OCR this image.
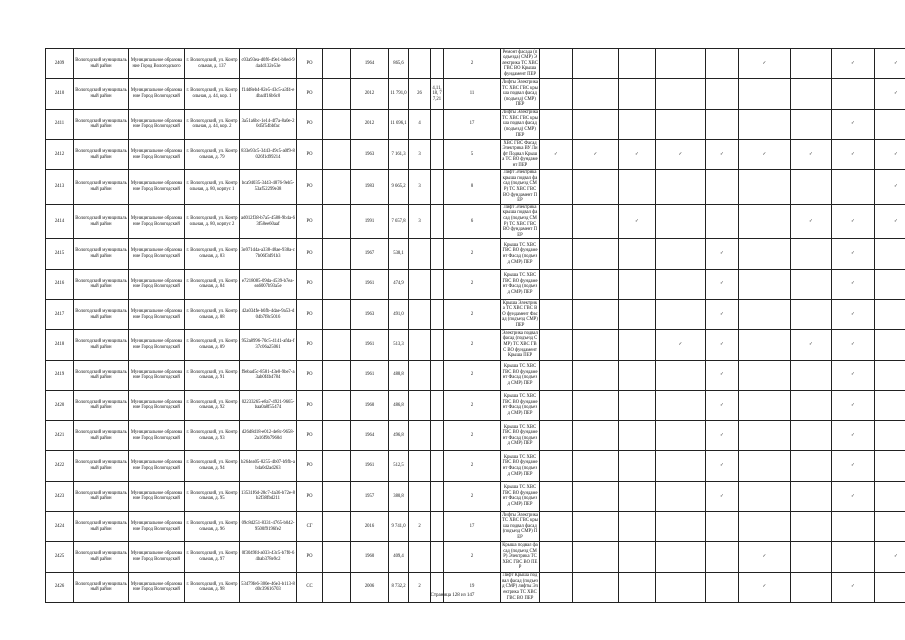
2409	Вологодский муниципальный район	Муниципальное образование Город Вологодского	г. Вологодский, ул. Контрольная, д. 137	с03a93ea-d0f6-49e1-b0ed-94a4d132e53e	РО		1964	865,6			2	Ремонт фасада (подъезда) СМР) Электрика ТС ХВС ГВС ВО Крыша фундамент ПЕР						✓		✓	✓	
2410	Вологодский муниципальный район	Муниципальное образование Город Вологодский	г. Вологодский, ул. Контрольная, д. 44, кор. 1	f14d8eb4-82e5-43c5-a3f4-e4ba4f16b6c0	РО		2012	11 791,0	26	4,11,18, 77,21	11	Лифты Электрика ТС ХВС ГВС крыша подвал фасад (подъезд) СМР) ПЕР									✓	
2411	Вологодский муниципальный район	Муниципальное образование Город Вологодский	г. Вологодский, ул. Контрольная, д. 44, кор. 2	3a51a6bc-1e14-4f7a-8a0e-20d5f54bbfac	РО		2012	11 696,1	4		17	Лифты Электрика ТС ХВС ГВС крыша подвал фасад (подъезд) СМР) ПЕР								✓		
2412	Вологодский муниципальный район	Муниципальное образование Город Вологодский	г. Вологодский, ул. Контрольная, д. 79	833e93c5-3443-49c5-a0f9-8026f1d99214	РО		1963	7 161,3	3		5	ХВС ГВС Фасад Электрика ВУ Лифт Подвал Крыша ТС ВО фундамент ПЕР	✓	✓	✓	✓	✓	✓	✓	✓	✓	
2413	Вологодский муниципальный район	Муниципальное образование Город Вологодский	г. Вологодский, ул. Контрольная, д. 80, корпус 1	bca94035-3443-4876-9eb5-53af52299e38	РО		1983	9 665,2	3		8	Лифт Электрика крыша подвал фасад (подъезд СМР) ТС ХВС ГВС ВО фундамент ПЕР									✓	
2414	Вологодский муниципальный район	Муниципальное образование Город Вологодский	г. Вологодский, ул. Контрольная, д. 80, корпус 2	ad012f38-b7a5-4588-9b4a-63f58ee60aaf	РО		1991	7 657,8	3		6	Лифт Электрика крыша подвал фасад (подъезд СМР) ТС ХВС ГВС ВО фундамент ПЕР			✓				✓	✓	✓	
2415	Вологодский муниципальный район	Муниципальное образование Город Вологодский	г. Вологодский, ул. Контрольная, д. 83	3e971d4a-a338-48ae-938a-c7b06f3d91b3	РО		1967	538,1			2	Крыша ТС ХВС ГВС ВО фундамент Фасад (подъезд СМР) ПЕР					✓			✓		
2416	Вологодский муниципальный район	Муниципальное образование Город Вологодский	г. Вологодский, ул. Контрольная, д. 84	e7218085-09da-4539-b7ea-ea6007b93a5e	РО		1961	474,9			2	Крыша ТС ХВС ГВС ВО фундамент Фасад (подъезд СМР) ПЕР					✓			✓		
2417	Вологодский муниципальный район	Муниципальное образование Город Вологодский	г. Вологодский, ул. Контрольная, д. 88	42a034fe-b6fb-4dae-9a53-d04b7f8c5016	РО		1963	491,0			2	Крыша Электрика ТС ХВС ГВС ВО фундамент Фасад (подъезд СМР) ПЕР					✓			✓		
2418	Вологодский муниципальный район	Муниципальное образование Город Вологодский	г. Вологодский, ул. Контрольная, д. 89	952a8996-70c5-4141-afda-f37c06a25061	РО		1961	513,3			2	Электрика подвал фасад (подъезд СМР) ТС ХВС ГВС ВО фундамент Крыша ПЕР				✓	✓		✓	✓		
2419	Вологодский муниципальный район	Муниципальное образование Город Вологодский	г. Вологодский, ул. Контрольная, д. 91	f9ebad5c-8581-43e8-9be7-a3ab0f4b4784	РО		1961	488,8			2	Крыша ТС ХВС ГВС ВО фундамент Фасад (подъезд СМР) ПЕР					✓			✓		
2420	Вологодский муниципальный район	Муниципальное образование Город Вологодский	г. Вологодский, ул. Контрольная, д. 92	02233265-e8a7-4921-9665-baa0a8f55474	РО		1960	486,8			2	Крыша ТС ХВС ГВС ВО фундамент Фасад (подъезд СМР) ПЕР					✓			✓		
2421	Вологодский муниципальный район	Муниципальное образование Город Вологодский	г. Вологодский, ул. Контрольная, д. 93	d26d8d18-e012-4e8c-9658-2a16f9b7960d	РО		1964	496,8			2	Крыша ТС ХВС ГВС ВО фундамент Фасад (подъезд СМР) ПЕР					✓			✓		
2422	Вологодский муниципальный район	Муниципальное образование Город Вологодский	г. Вологодский, ул. Контрольная, д. 94	b264ea05-8255-4b07-b9fb-ab4a0d2ad263	РО		1961	512,5			2	Крыша ТС ХВС ГВС ВО фундамент Фасад (подъезд СМР) ПЕР					✓			✓		
2423	Вологодский муниципальный район	Муниципальное образование Город Вологодский	г. Вологодский, ул. Контрольная, д. 95	13531f6d-28c7-4a36-b72e-8b2f38fbd211	РО		1957	380,8			2	Крыша ТС ХВС ГВС ВО фундамент Фасад (подъезд СМР) ПЕР					✓			✓		
2424	Вологодский муниципальный район	Муниципальное образование Город Вологодский	г. Вологодский, ул. Контрольная, д. 96	09c8d251-8331-4765-b042-9500f9196fe2	СГ		2016	9 741,0	2		17	Лифты Электрика ТС ХВС ГВС крыша подвал фасад (подъезд СМР) ПЕР										
2425	Вологодский муниципальный район	Муниципальное образование Город Вологодский	г. Вологодский, ул. Контрольная, д. 97	0f3049fd-a033-43c5-b7f0-64bab378e9c2	РО		1960	409,4			2	Крыша подвал фасад (подъезд СМР) Электрика ТС ХВС ГВС ВО ПЕР						✓			✓	
2426	Вологодский муниципальный район	Муниципальное образование Город Вологодский	г. Вологодский, ул. Контрольная, д. 98	53479fe6-300e-46e3-b113-8d0c39616703	СС		2006	8 732,2	2		19	Лифт Крыша подвал фасад (подъезд СМР) лифты Электрика ТС ХВС ГВС ВО ПЕР						✓		✓		
Страница 128 из 147
